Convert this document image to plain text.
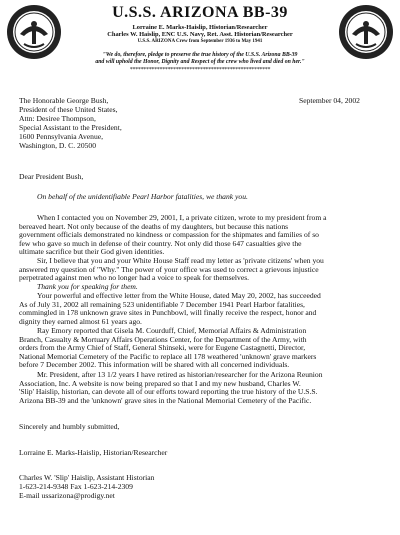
U.S.S. ARIZONA BB-39
Lorraine E. Marks-Haislip, Historian/Researcher
Charles W. Haislip, ENC U.S. Navy, Ret. Asst. Historian/Researcher
U.S.S. ARIZONA Crew from September 1936 to May 1941
"We do, therefore, pledge to preserve the true history of the U.S.S. Arizona BB-39
and will uphold the Honor, Dignity and Respect of the crew who lived and died on her."
****************************************************
The Honorable George Bush,
President of these United States,
Attn: Desiree Thompson,
Special Assistant to the President,
1600 Pennsylvania Avenue,
Washington, D. C. 20500
September 04, 2002
Dear President Bush,
On behalf of the unidentifiable Pearl Harbor fatalities, we thank you.
When I contacted you on November 29, 2001, I, a private citizen, wrote to my president from a
bereaved heart. Not only because of the deaths of my daughters, but because this nations
government officials demonstrated no kindness or compassion for the shipmates and families of so
few who gave so much in defense of their country. Not only did those 647 casualties give the
ultimate sacrifice but their God given identities.
Sir, I believe that you and your White House Staff read my letter as 'private citizens' when you
answered my question of "Why." The power of your office was used to correct a grievous injustice
perpetrated against men who no longer had a voice to speak for themselves.
Thank you for speaking for them.
Your powerful and effective letter from the White House, dated May 20, 2002, has succeeded
As of July 31, 2002 all remaining 523 unidentifiable 7 December 1941 Pearl Harbor fatalities,
commingled in 178 unknown grave sites in Punchbowl, will finally receive the respect, honor and
dignity they earned almost 61 years ago.
Ray Emory reported that Gisela M. Courduff, Chief, Memorial Affairs & Administration
Branch, Casualty & Mortuary Affairs Operations Center, for the Department of the Army, with
orders from the Army Chief of Staff, General Shinseki, were for Eugene Castagnetti, Director,
National Memorial Cemetery of the Pacific to replace all 178 weathered 'unknown' grave markers
before 7 December 2002. This information will be shared with all concerned individuals.
Mr. President, after 13 1/2 years I have retired as historian/researcher for the Arizona Reunion
Association, Inc. A website is now being prepared so that I and my new husband, Charles W.
'Slip' Haislip, historian, can devote all of our efforts toward reporting the true history of the U.S.S.
Arizona BB-39 and the 'unknown' grave sites in the National Memorial Cemetery of the Pacific.
Sincerely and humbly submitted,
Lorraine E. Marks-Haislip, Historian/Researcher
Charles W. 'Slip' Haislip, Assistant Historian
1-623-214-9348 Fax 1-623-214-2309
E-mail ussarizona@prodigy.net
